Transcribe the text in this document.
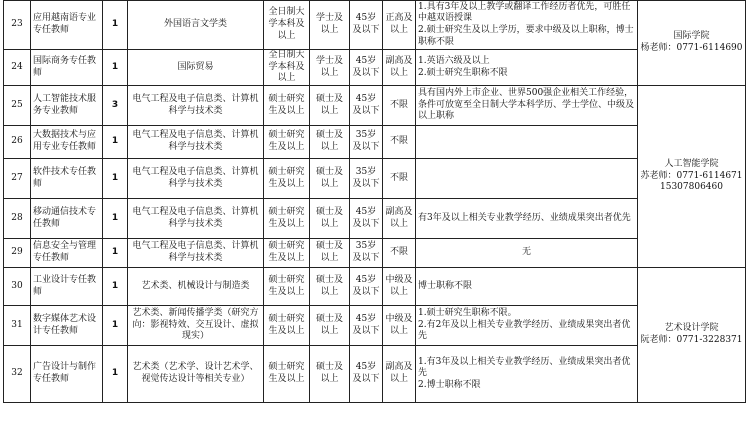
23	应用越南语专业专任教师	1	外国语言文学类	全日制大学本科及以上	学士及以上	45岁及以下	正高及以上	1.具有3年及以上教学或翻译工作经历者优先，可胜任中越双语授课
2.硕士研究生及以上学历，要求中级及以上职称，博士职称不限	国际学院
杨老师：0771-6114690

24	国际商务专任教师	1	国际贸易	全日制大学本科及以上	学士及以上	45岁及以下	副高及以上	1.英语六级及以上
2.硕士研究生职称不限	

25	人工智能技术服务专业教师	3	电气工程及电子信息类、计算机科学与技术类	硕士研究生及以上	硕士及以上	45岁及以下	不限	具有国内外上市企业、世界500强企业相关工作经验，条件可放宽至全日制大学本科学历、学士学位、中级及以上职称	人工智能学院
苏老师：0771-6114671
15307806460

26	大数据技术与应用专业专任教师	1	电气工程及电子信息类、计算机科学与技术类	硕士研究生及以上	硕士及以上	35岁及以下	不限		
27	软件技术专任教师	1	电气工程及电子信息类、计算机科学与技术类	硕士研究生及以上	硕士及以上	35岁及以下	不限		
28	移动通信技术专任教师	1	电气工程及电子信息类、计算机科学与技术类	硕士研究生及以上	硕士及以上	45岁及以下	副高及以上	有3年及以上相关专业教学经历、业绩成果突出者优先	

29	信息安全与管理专任教师	1	电气工程及电子信息类、计算机科学与技术类	硕士研究生及以上	硕士及以上	35岁及以下	不限	无	

30	工业设计专任教师	1	艺术类、机械设计与制造类	硕士研究生及以上	硕士及以上	45岁及以下	中级及以上	博士职称不限	艺术设计学院
阮老师：0771-3228371

31	数字媒体艺术设计专任教师	1	艺术类、新闻传播学类（研究方向：影视特效、交互设计、虚拟现实）	硕士研究生及以上	硕士及以上	45岁及以下	中级及以上	1.硕士研究生职称不限。
2.有2年及以上相关专业教学经历、业绩成果突出者优先	

32	广告设计与制作专任教师	1	艺术类（艺术学、设计艺术学、视觉传达设计等相关专业）	硕士研究生及以上	硕士及以上	45岁及以下	副高及以上	1.有3年及以上相关专业教学经历、业绩成果突出者优先
2.博士职称不限	
